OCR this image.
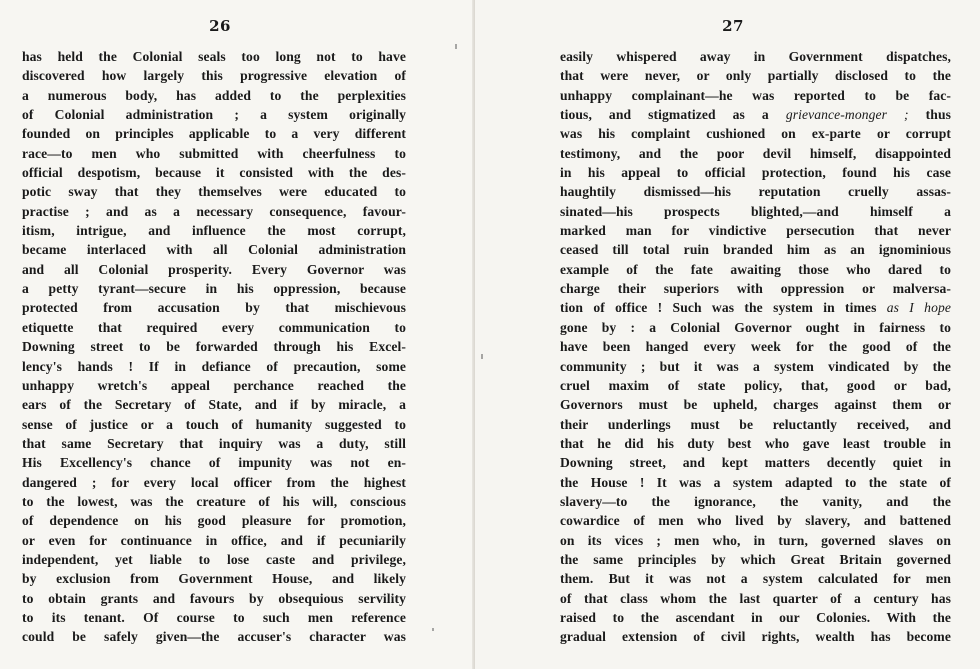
26
has held the Colonial seals too long not to have
discovered how largely this progressive elevation of
a numerous body, has added to the perplexities
of Colonial administration ; a system originally
founded on principles applicable to a very different
race—to men who submitted with cheerfulness to
official despotism, because it consisted with the des-
potic sway that they themselves were educated to
practise ; and as a necessary consequence, favour-
itism, intrigue, and influence the most corrupt,
became interlaced with all Colonial administration
and all Colonial prosperity. Every Governor was
a petty tyrant—secure in his oppression, because
protected from accusation by that mischievous
etiquette that required every communication to
Downing street to be forwarded through his Excel-
lency's hands ! If in defiance of precaution, some
unhappy wretch's appeal perchance reached the
ears of the Secretary of State, and if by miracle, a
sense of justice or a touch of humanity suggested to
that same Secretary that inquiry was a duty, still
His Excellency's chance of impunity was not en-
dangered ; for every local officer from the highest
to the lowest, was the creature of his will, conscious
of dependence on his good pleasure for promotion,
or even for continuance in office, and if pecuniarily
independent, yet liable to lose caste and privilege,
by exclusion from Government House, and likely
to obtain grants and favours by obsequious servility
to its tenant. Of course to such men reference
could be safely given—the accuser's character was
27
easily whispered away in Government dispatches,
that were never, or only partially disclosed to the
unhappy complainant—he was reported to be fac-
tious, and stigmatized as a grievance-monger ; thus
was his complaint cushioned on ex-parte or corrupt
testimony, and the poor devil himself, disappointed
in his appeal to official protection, found his case
haughtily dismissed—his reputation cruelly assas-
sinated—his prospects blighted,—and himself a
marked man for vindictive persecution that never
ceased till total ruin branded him as an ignominious
example of the fate awaiting those who dared to
charge their superiors with oppression or malversa-
tion of office ! Such was the system in times as I hope
gone by : a Colonial Governor ought in fairness to
have been hanged every week for the good of the
community ; but it was a system vindicated by the
cruel maxim of state policy, that, good or bad,
Governors must be upheld, charges against them or
their underlings must be reluctantly received, and
that he did his duty best who gave least trouble in
Downing street, and kept matters decently quiet in
the House ! It was a system adapted to the state of
slavery—to the ignorance, the vanity, and the
cowardice of men who lived by slavery, and battened
on its vices ; men who, in turn, governed slaves on
the same principles by which Great Britain governed
them. But it was not a system calculated for men
of that class whom the last quarter of a century has
raised to the ascendant in our Colonies. With the
gradual extension of civil rights, wealth has become
